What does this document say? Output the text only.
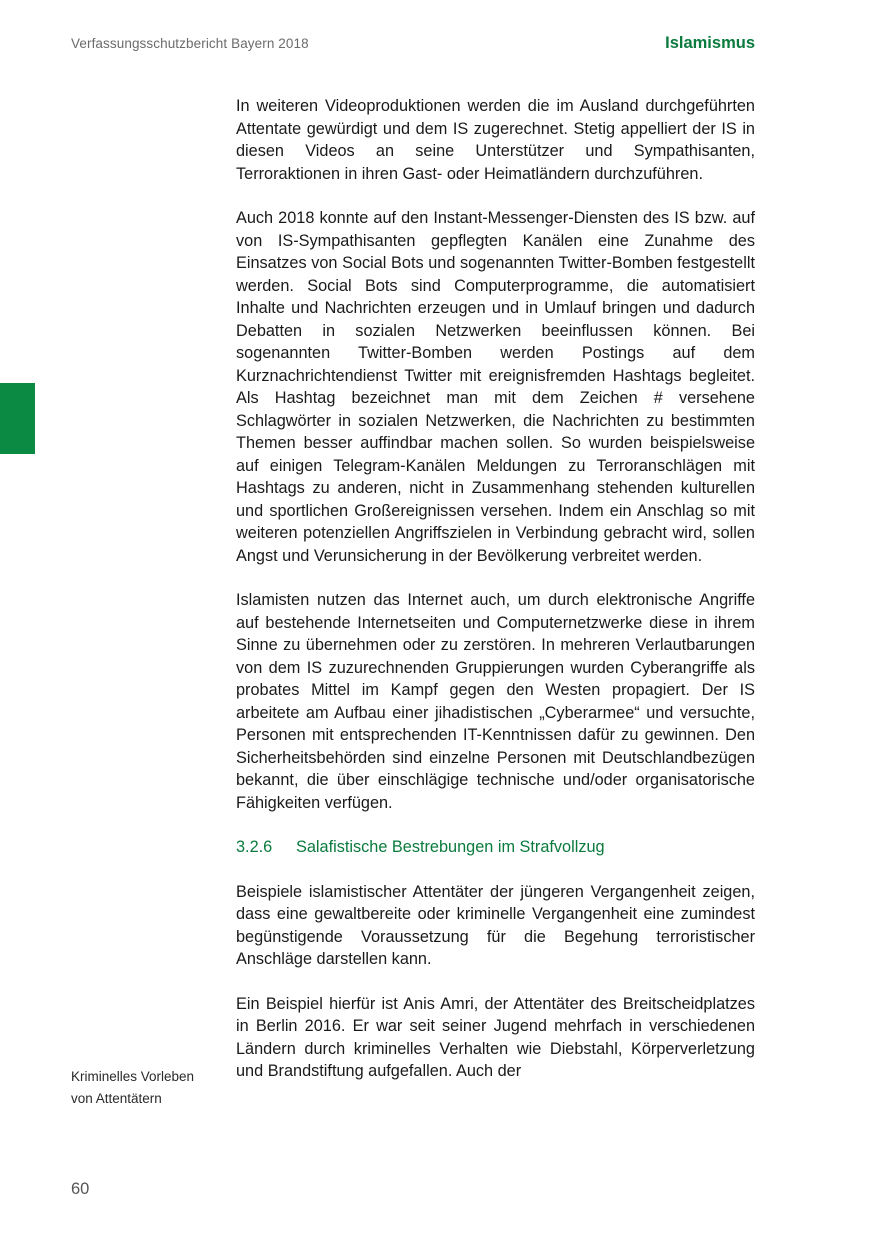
Verfassungsschutzbericht Bayern 2018	Islamismus

In weiteren Videoproduktionen werden die im Ausland durchgeführten Attentate gewürdigt und dem IS zugerechnet. Stetig appelliert der IS in diesen Videos an seine Unterstützer und Sympathisanten, Terroraktionen in ihren Gast- oder Heimatländern durchzuführen.

Auch 2018 konnte auf den Instant-Messenger-Diensten des IS bzw. auf von IS-Sympathisanten gepflegten Kanälen eine Zunahme des Einsatzes von Social Bots und sogenannten Twitter-Bomben festgestellt werden. Social Bots sind Computerprogramme, die automatisiert Inhalte und Nachrichten erzeugen und in Umlauf bringen und dadurch Debatten in sozialen Netzwerken beeinflussen können. Bei sogenannten Twitter-Bomben werden Postings auf dem Kurznachrichtendienst Twitter mit ereignisfremden Hashtags begleitet. Als Hashtag bezeichnet man mit dem Zeichen # versehene Schlagwörter in sozialen Netzwerken, die Nachrichten zu bestimmten Themen besser auffindbar machen sollen. So wurden beispielsweise auf einigen Telegram-Kanälen Meldungen zu Terroranschlägen mit Hashtags zu anderen, nicht in Zusammenhang stehenden kulturellen und sportlichen Großereignissen versehen. Indem ein Anschlag so mit weiteren potenziellen Angriffszielen in Verbindung gebracht wird, sollen Angst und Verunsicherung in der Bevölkerung verbreitet werden.

Islamisten nutzen das Internet auch, um durch elektronische Angriffe auf bestehende Internetseiten und Computernetzwerke diese in ihrem Sinne zu übernehmen oder zu zerstören. In mehreren Verlautbarungen von dem IS zuzurechnenden Gruppierungen wurden Cyberangriffe als probates Mittel im Kampf gegen den Westen propagiert. Der IS arbeitete am Aufbau einer jihadistischen „Cyberarmee“ und versuchte, Personen mit entsprechenden IT-Kenntnissen dafür zu gewinnen. Den Sicherheitsbehörden sind einzelne Personen mit Deutschlandbezügen bekannt, die über einschlägige technische und/oder organisatorische Fähigkeiten verfügen.

3.2.6 Salafistische Bestrebungen im Strafvollzug

Beispiele islamistischer Attentäter der jüngeren Vergangenheit zeigen, dass eine gewaltbereite oder kriminelle Vergangenheit eine zumindest begünstigende Voraussetzung für die Begehung terroristischer Anschläge darstellen kann.

Ein Beispiel hierfür ist Anis Amri, der Attentäter des Breitscheidplatzes in Berlin 2016. Er war seit seiner Jugend mehrfach in verschiedenen Ländern durch kriminelles Verhalten wie Diebstahl, Körperverletzung und Brandstiftung aufgefallen. Auch der

Kriminelles Vorleben
von Attentätern
60
